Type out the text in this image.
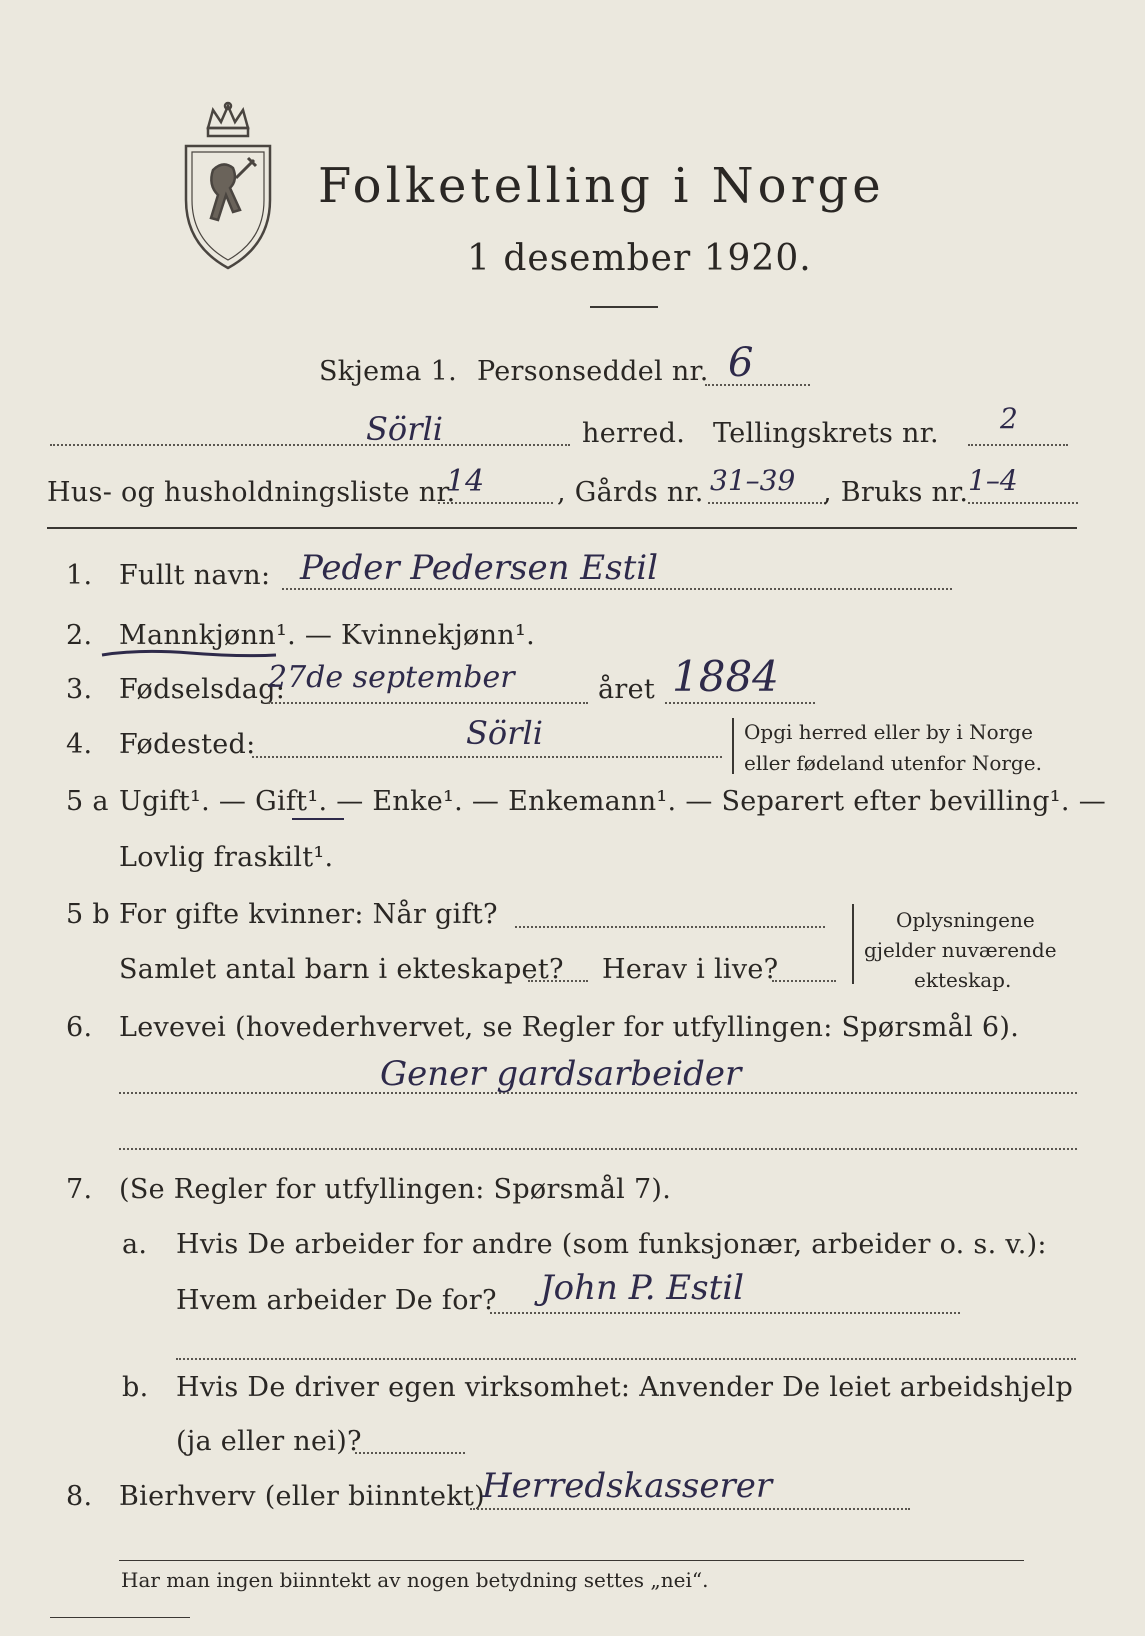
Folketelling i Norge
1 desember 1920.
Skjema 1. Personseddel nr. 6
Sörli	herred. Tellingskrets nr. 2
Hus- og husholdningsliste nr.
14	, Gårds nr. 31–39 , Bruks nr. 1–4
1. Fullt navn: Peder Pedersen Estil
2. Mannkjønn¹. — Kvinnekjønn¹.
3. Fødselsdag:
27de september	året 1884
4. Fødested:	Sörli	Opgi herred eller by i Norge
eller fødeland utenfor Norge.
5 a Ugift¹. — Gift¹. — Enke¹. — Enkemann¹. — Separert efter bevilling¹. —
Lovlig fraskilt¹.
5 b For gifte kvinner: Når gift?
Samlet antal barn i ekteskapet? Herav i live?
Oplysningene
gjelder nuværende
ekteskap.
6. Levevei (hovederhvervet, se Regler for utfyllingen: Spørsmål 6).
Gener gardsarbeider
7. (Se Regler for utfyllingen: Spørsmål 7).
a. Hvis De arbeider for andre (som funksjonær, arbeider o. s. v.):
Hvem arbeider De for? John P. Estil
b. Hvis De driver egen virksomhet: Anvender De leiet arbeidshjelp
(ja eller nei)?
8. Bierhverv (eller biinntekt)
Herredskasserer
Har man ingen biinntekt av nogen betydning settes „nei“.
